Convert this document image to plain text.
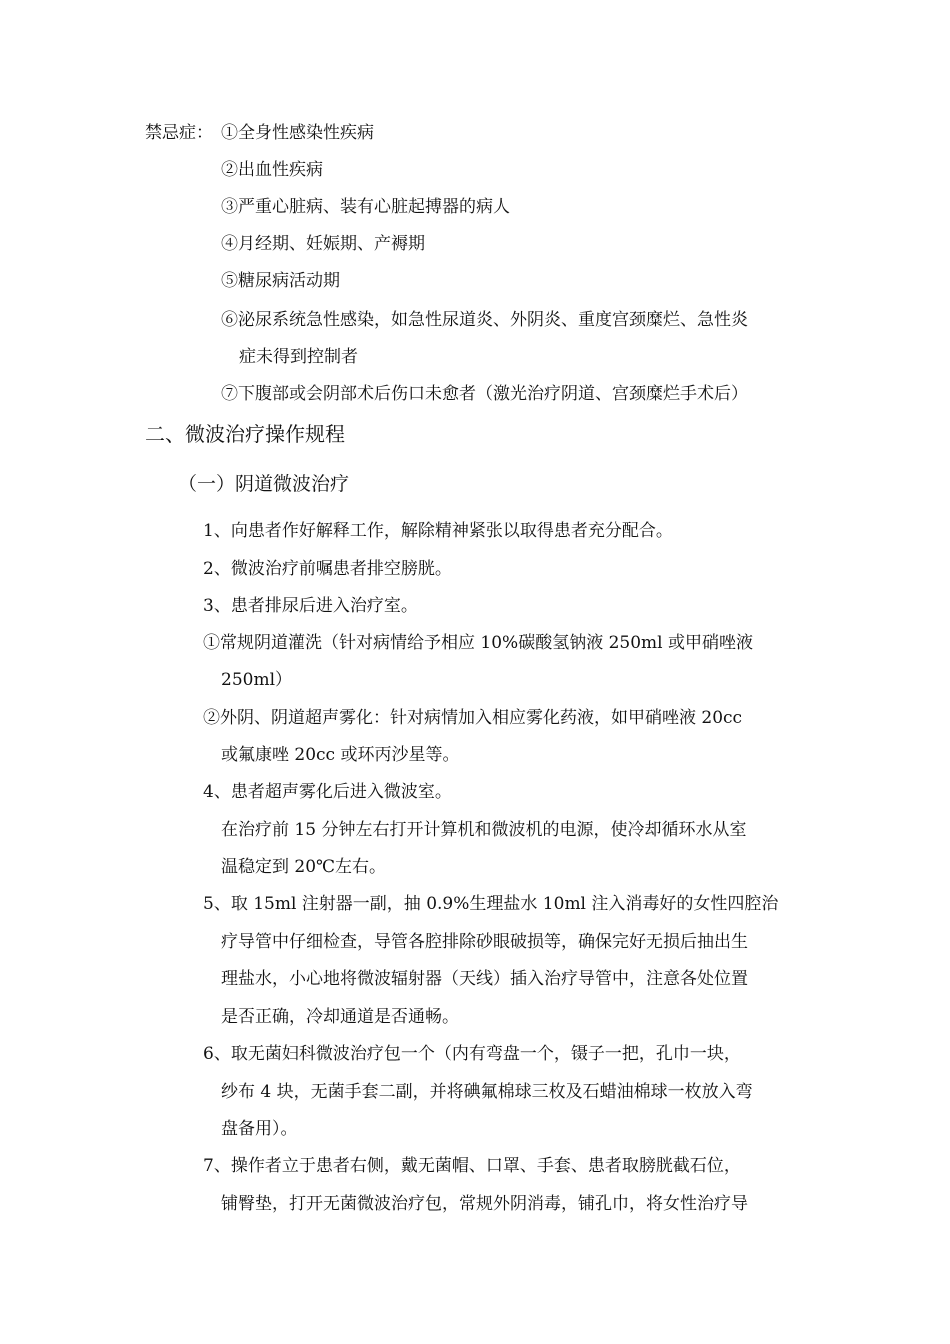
禁忌症： ①全身性感染性疾病
②出血性疾病
③严重心脏病、装有心脏起搏器的病人
④月经期、妊娠期、产褥期
⑤糖尿病活动期
⑥泌尿系统急性感染，如急性尿道炎、外阴炎、重度宫颈糜烂、急性炎
症未得到控制者
⑦下腹部或会阴部术后伤口未愈者（激光治疗阴道、宫颈糜烂手术后）
二、微波治疗操作规程
（一）阴道微波治疗
1、向患者作好解释工作，解除精神紧张以取得患者充分配合。
2、微波治疗前嘱患者排空膀胱。
3、患者排尿后进入治疗室。
①常规阴道灌洗（针对病情给予相应 10%碳酸氢钠液 250ml 或甲硝唑液
250ml）
②外阴、阴道超声雾化：针对病情加入相应雾化药液，如甲硝唑液 20cc
或氟康唑 20cc 或环丙沙星等。
4、患者超声雾化后进入微波室。
在治疗前 15 分钟左右打开计算机和微波机的电源，使冷却循环水从室
温稳定到 20℃左右。
5、取 15ml 注射器一副，抽 0.9%生理盐水 10ml 注入消毒好的女性四腔治
疗导管中仔细检查，导管各腔排除砂眼破损等，确保完好无损后抽出生
理盐水，小心地将微波辐射器（天线）插入治疗导管中，注意各处位置
是否正确，冷却通道是否通畅。
6、取无菌妇科微波治疗包一个（内有弯盘一个，镊子一把，孔巾一块，
纱布 4 块，无菌手套二副，并将碘氟棉球三枚及石蜡油棉球一枚放入弯
盘备用）。
7、操作者立于患者右侧，戴无菌帽、口罩、手套、患者取膀胱截石位，
铺臀垫，打开无菌微波治疗包，常规外阴消毒，铺孔巾，将女性治疗导
